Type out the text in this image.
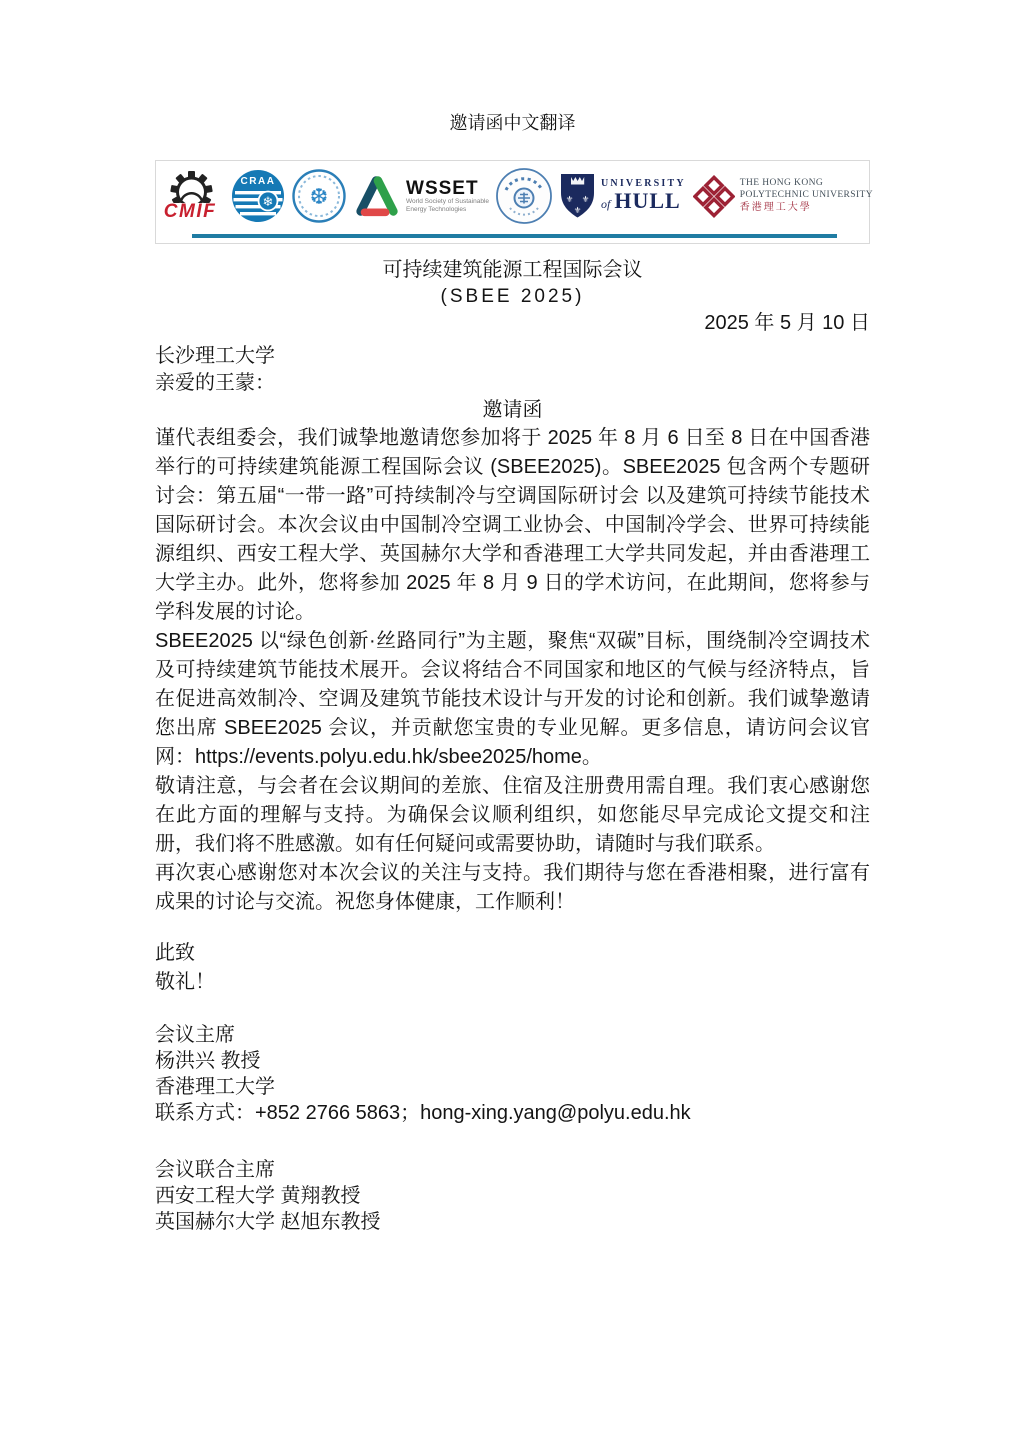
邀请函中文翻译
CMIF	❄
CRAA
❆	WSSET
World Society of Sustainable
Energy Technologies
⚜ ⚜
⚜
UNIVERSITY
of HULL
THE HONG KONG
POLYTECHNIC UNIVERSITY
香港理工大學
可持续建筑能源工程国际会议
(SBEE 2025)
2025 年 5 月 10 日
长沙理工大学
亲爱的王蒙：
邀请函

谨代表组委会，我们诚挚地邀请您参加将于 2025 年 8 月 6 日至 8 日在中国香港举行的可持续建筑能源工程国际会议 (SBEE2025)。SBEE2025 包含两个专题研讨会：第五届“一带一路”可持续制冷与空调国际研讨会 以及建筑可持续节能技术国际研讨会。本次会议由中国制冷空调工业协会、中国制冷学会、世界可持续能源组织、西安工程大学、英国赫尔大学和香港理工大学共同发起，并由香港理工大学主办。此外，您将参加 2025 年 8 月 9 日的学术访问，在此期间，您将参与学科发展的讨论。

SBEE2025 以“绿色创新·丝路同行”为主题，聚焦“双碳”目标，围绕制冷空调技术及可持续建筑节能技术展开。会议将结合不同国家和地区的气候与经济特点，旨在促进高效制冷、空调及建筑节能技术设计与开发的讨论和创新。我们诚挚邀请您出席 SBEE2025 会议，并贡献您宝贵的专业见解。更多信息，请访问会议官网：https://events.polyu.edu.hk/sbee2025/home。

敬请注意，与会者在会议期间的差旅、住宿及注册费用需自理。我们衷心感谢您在此方面的理解与支持。为确保会议顺利组织，如您能尽早完成论文提交和注册，我们将不胜感激。如有任何疑问或需要协助，请随时与我们联系。

再次衷心感谢您对本次会议的关注与支持。我们期待与您在香港相聚，进行富有成果的讨论与交流。祝您身体健康，工作顺利！

此致
敬礼！
会议主席
杨洪兴 教授
香港理工大学
联系方式：+852 2766 5863；hong-xing.yang@polyu.edu.hk
会议联合主席
西安工程大学 黄翔教授
英国赫尔大学 赵旭东教授
